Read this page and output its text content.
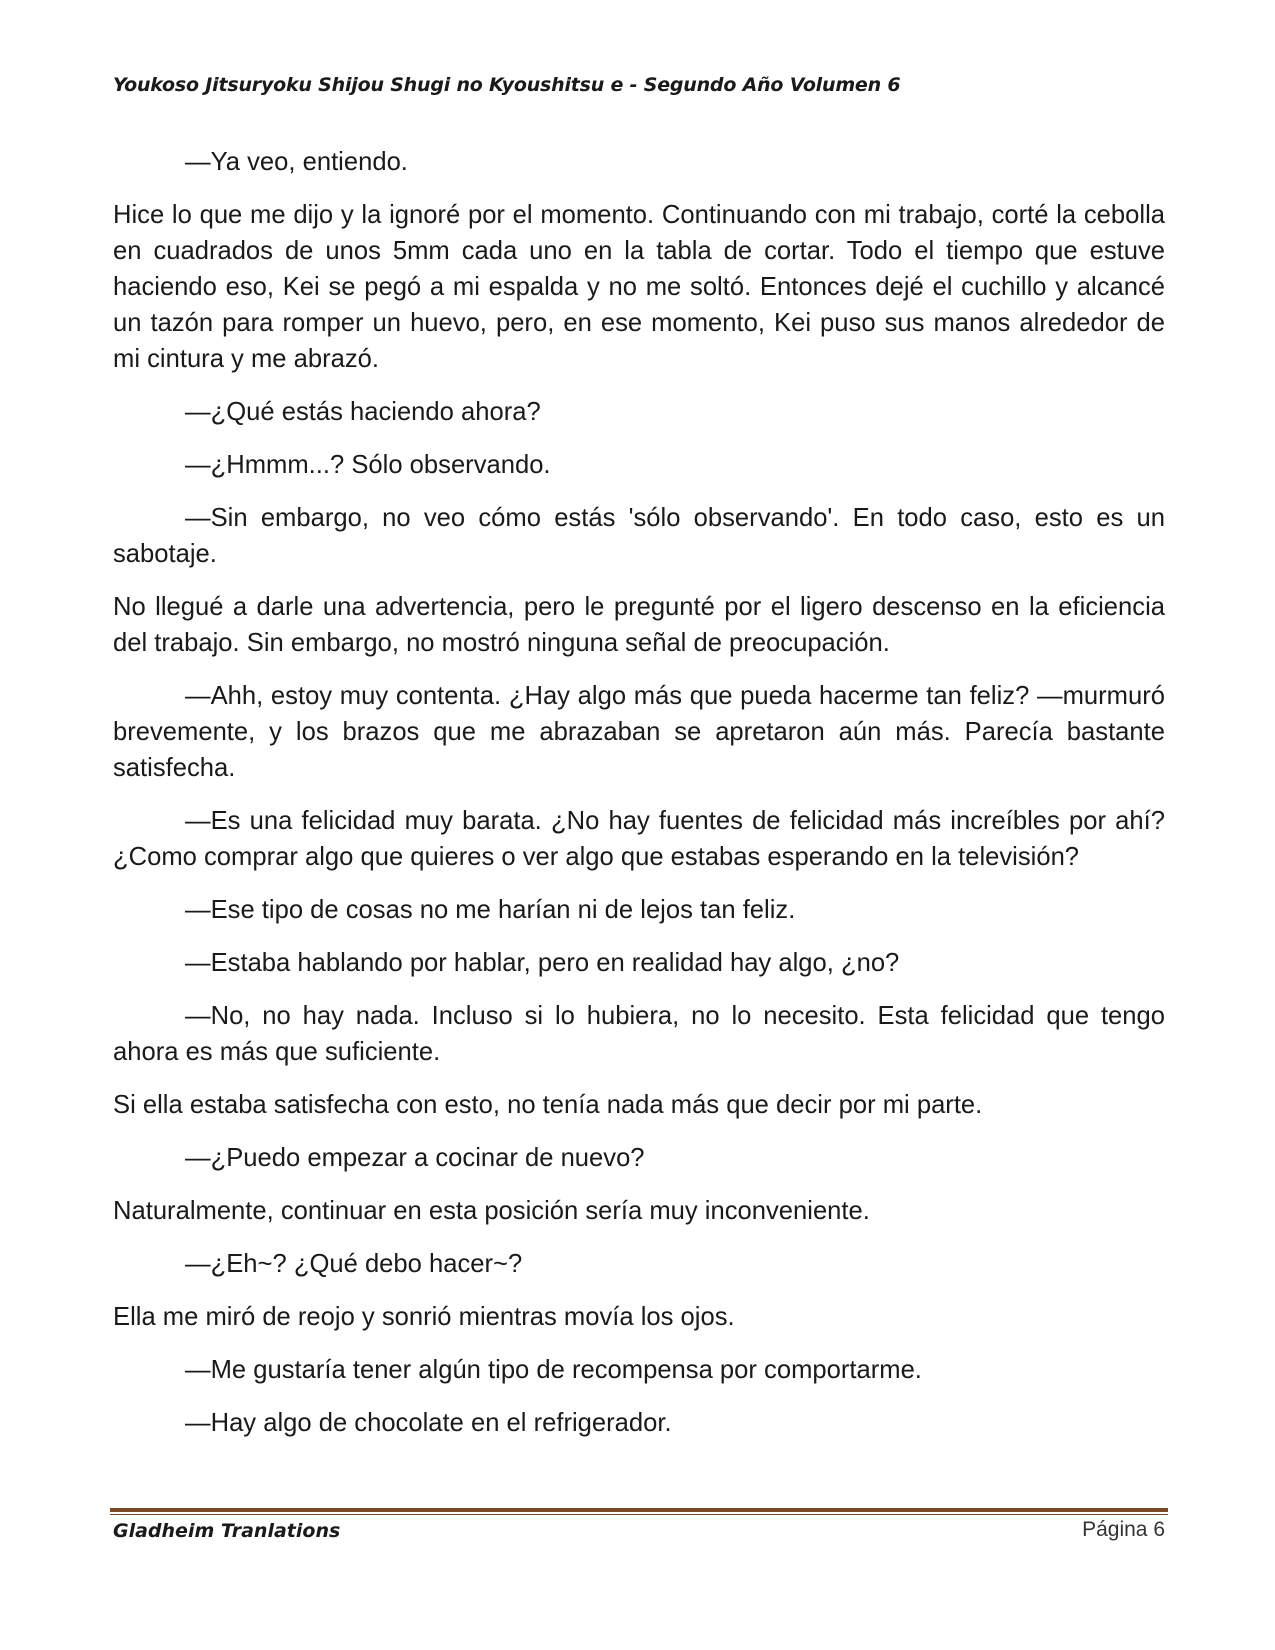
Youkoso Jitsuryoku Shijou Shugi no Kyoushitsu e - Segundo Año Volumen 6

—Ya veo, entiendo.

Hice lo que me dijo y la ignoré por el momento. Continuando con mi trabajo, corté la cebolla en cuadrados de unos 5mm cada uno en la tabla de cortar. Todo el tiempo que estuve haciendo eso, Kei se pegó a mi espalda y no me soltó. Entonces dejé el cuchillo y alcancé un tazón para romper un huevo, pero, en ese momento, Kei puso sus manos alrededor de mi cintura y me abrazó.

—¿Qué estás haciendo ahora?

—¿Hmmm...? Sólo observando.

—Sin embargo, no veo cómo estás 'sólo observando'. En todo caso, esto es un sabotaje.

No llegué a darle una advertencia, pero le pregunté por el ligero descenso en la eficiencia del trabajo. Sin embargo, no mostró ninguna señal de preocupación.

—Ahh, estoy muy contenta. ¿Hay algo más que pueda hacerme tan feliz? —murmuró brevemente, y los brazos que me abrazaban se apretaron aún más. Parecía bastante satisfecha.

—Es una felicidad muy barata. ¿No hay fuentes de felicidad más increíbles por ahí? ¿Como comprar algo que quieres o ver algo que estabas esperando en la televisión?

—Ese tipo de cosas no me harían ni de lejos tan feliz.

—Estaba hablando por hablar, pero en realidad hay algo, ¿no?

—No, no hay nada. Incluso si lo hubiera, no lo necesito. Esta felicidad que tengo ahora es más que suficiente.

Si ella estaba satisfecha con esto, no tenía nada más que decir por mi parte.

—¿Puedo empezar a cocinar de nuevo?

Naturalmente, continuar en esta posición sería muy inconveniente.

—¿Eh~? ¿Qué debo hacer~?

Ella me miró de reojo y sonrió mientras movía los ojos.

—Me gustaría tener algún tipo de recompensa por comportarme.

—Hay algo de chocolate en el refrigerador.

Gladheim Tranlations	Página 6
